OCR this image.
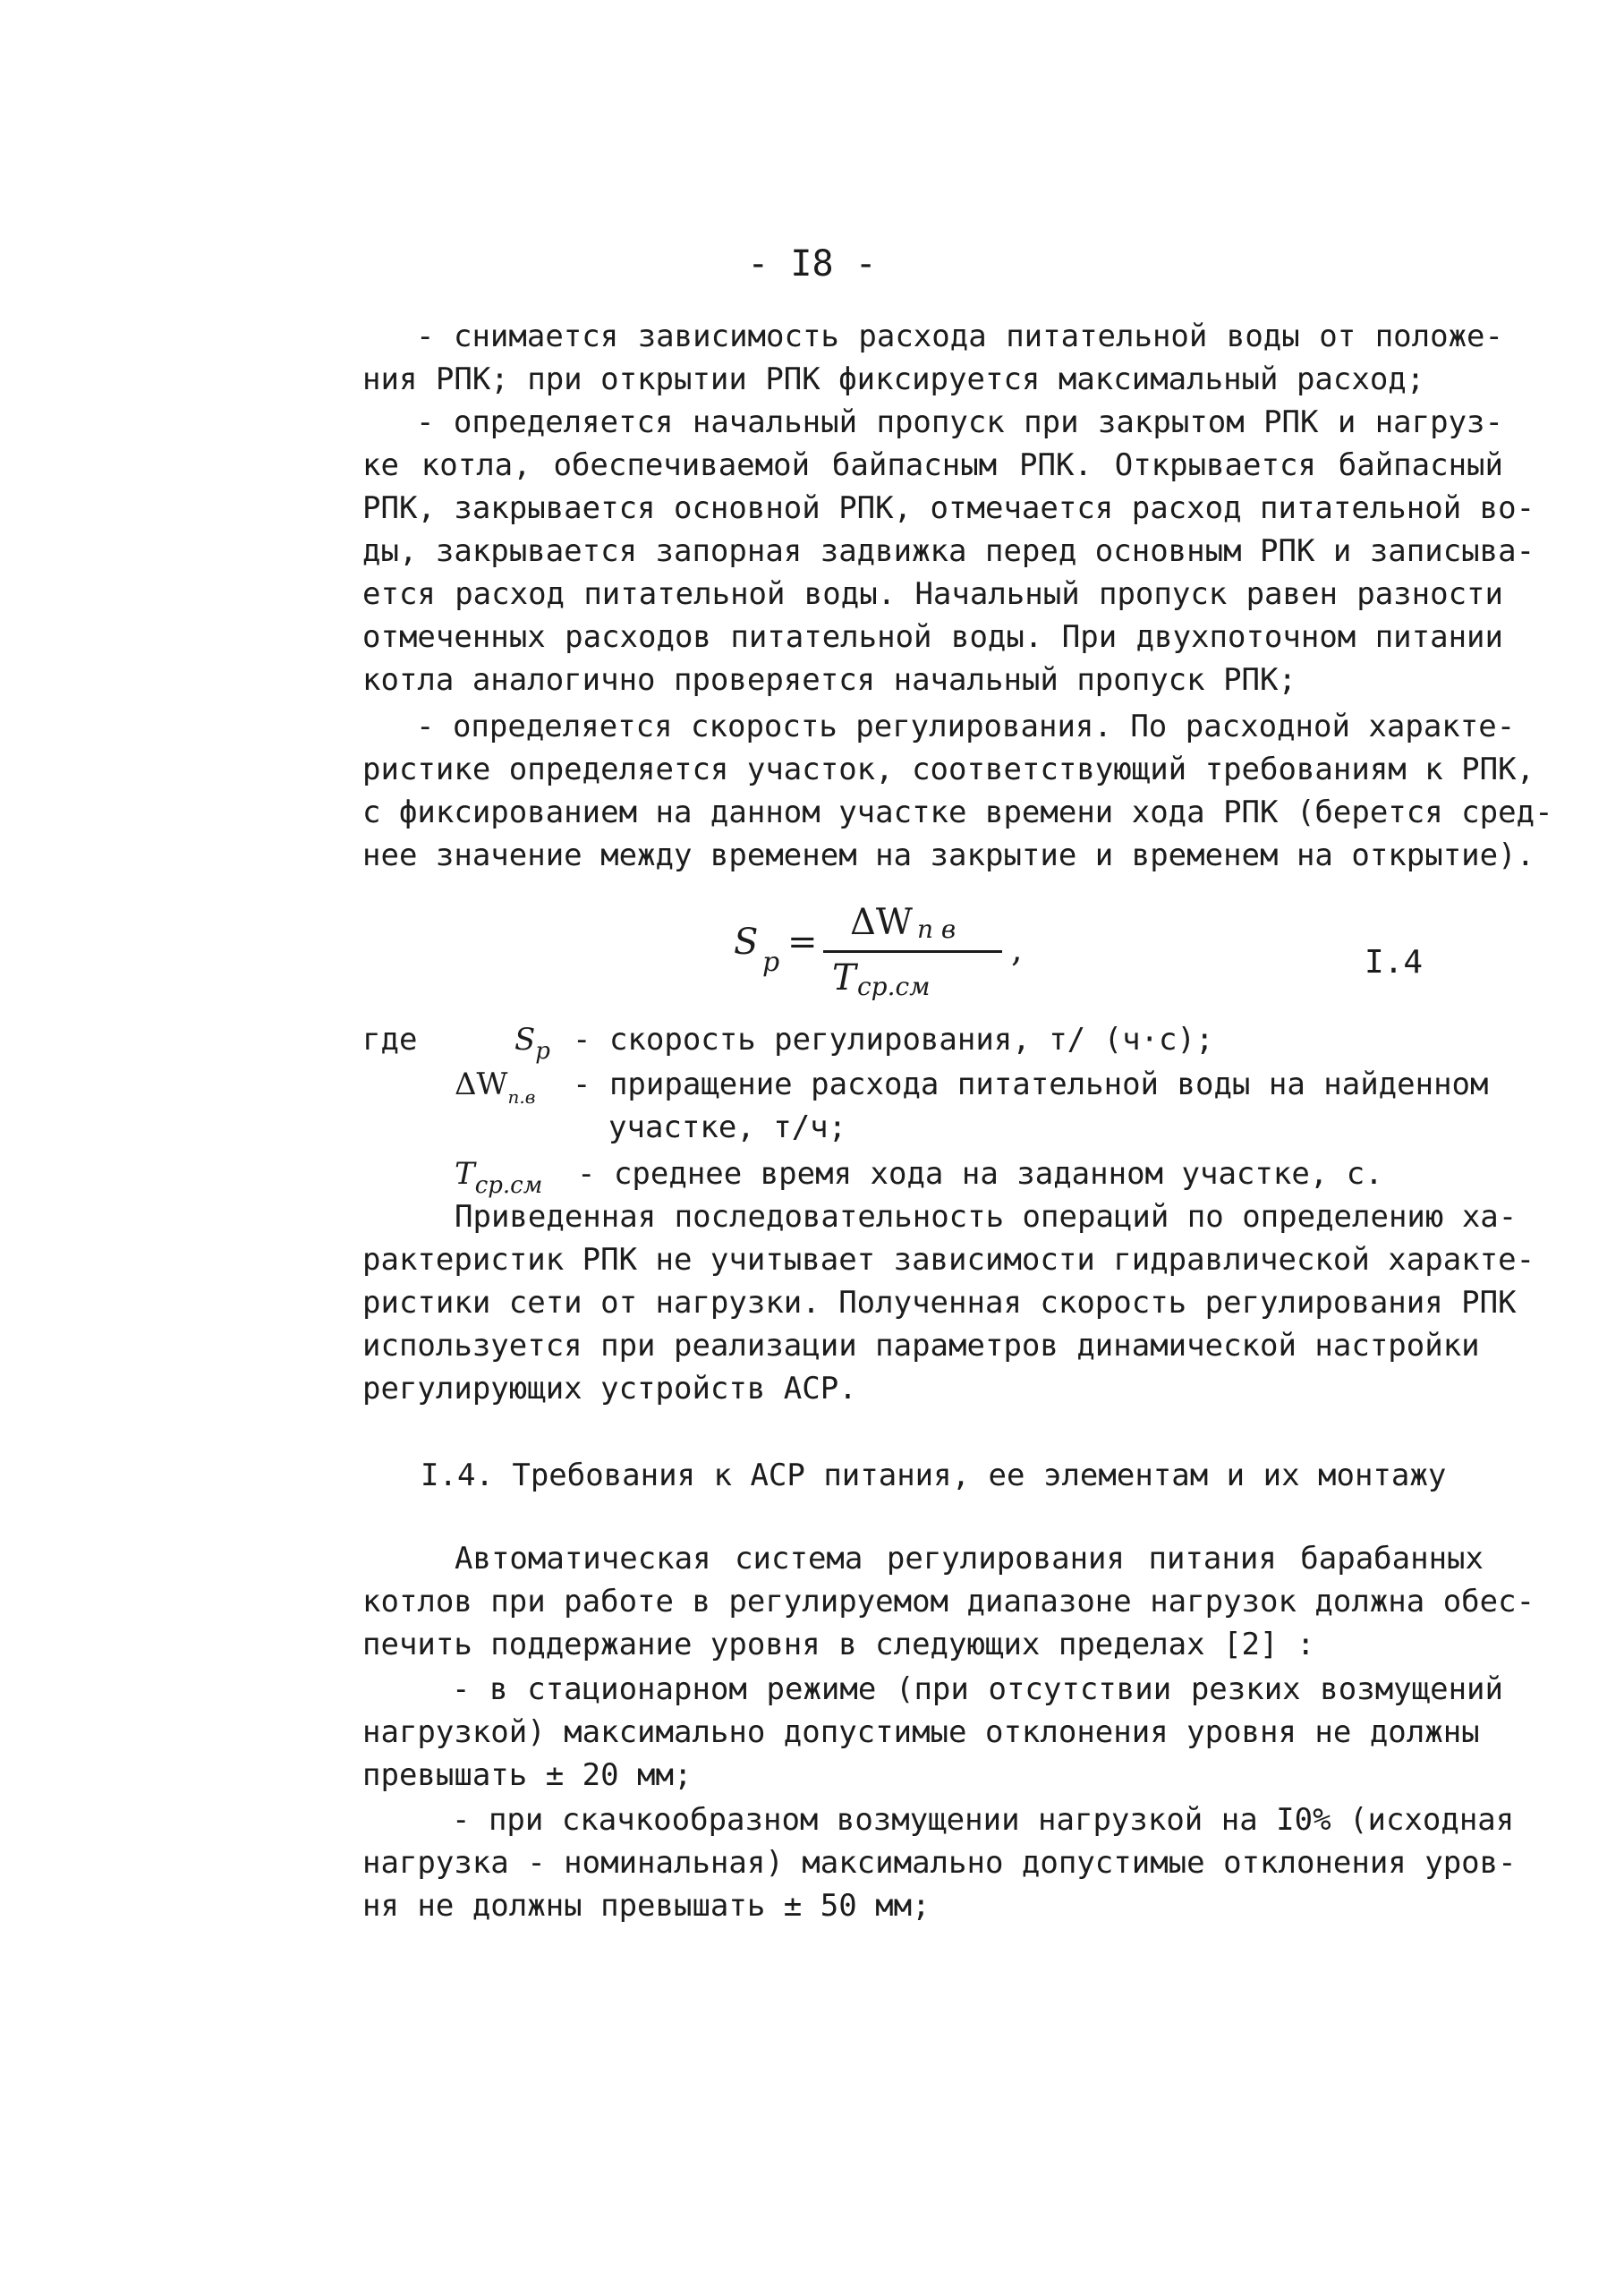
- I8 -
- снимается зависимость расхода питательной воды от положе-
ния РПК; при открытии РПК фиксируется максимальный расход;
- определяется начальный пропуск при закрытом РПК и нагруз-
ке котла, обеспечиваемой байпасным РПК. Открывается байпасный
РПК, закрывается основной РПК, отмечается расход питательной во-
ды, закрывается запорная задвижка перед основным РПК и записыва-
ется расход питательной воды. Начальный пропуск равен разности
отмеченных расходов питательной воды. При двухпоточном питании
котла аналогично проверяется начальный пропуск РПК;
- определяется скорость регулирования. По расходной характе-
ристике определяется участок, соответствующий требованиям к РПК,
с фиксированием на данном участке времени хода РПК (берется сред-
нее значение между временем на закрытие и временем на открытие).
S p = ΔW п в
T ср.см
,	I.4
где	$S_p$ - скорость регулирования, т/ (ч·с);
$\Delta W_{п.в}$ - приращение расхода питательной воды на найденном
участке, т/ч;
$T_{ср.см}$ - среднее время хода на заданном участке, с.
Приведенная последовательность операций по определению ха-
рактеристик РПК не учитывает зависимости гидравлической характе-
ристики сети от нагрузки. Полученная скорость регулирования РПК
используется при реализации параметров динамической настройки
регулирующих устройств АСР.
I.4. Требования к АСР питания, ее элементам и их монтажу
Автоматическая система регулирования питания барабанных
котлов при работе в регулируемом диапазоне нагрузок должна обес-
печить поддержание уровня в следующих пределах [2] :
- в стационарном режиме (при отсутствии резких возмущений
нагрузкой) максимально допустимые отклонения уровня не должны
превышать ± 20 мм;
- при скачкообразном возмущении нагрузкой на I0% (исходная
нагрузка - номинальная) максимально допустимые отклонения уров-
ня не должны превышать ± 50 мм;
